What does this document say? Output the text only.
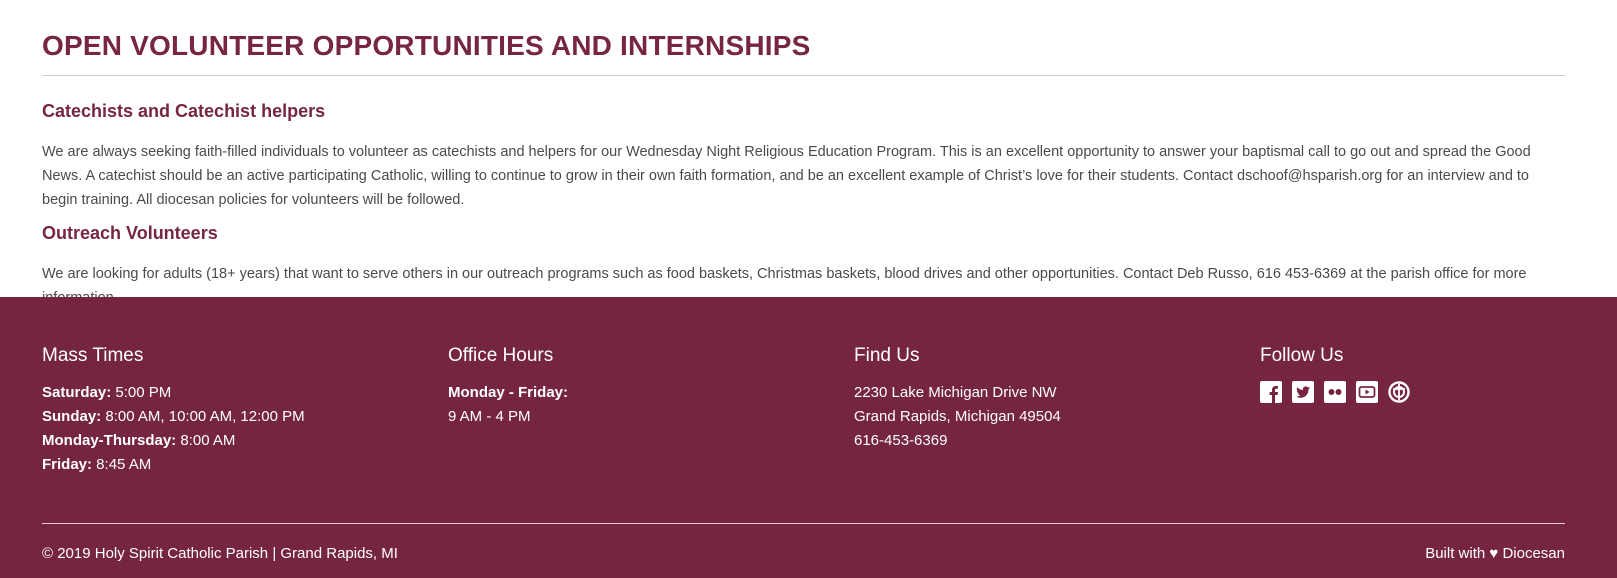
OPEN VOLUNTEER OPPORTUNITIES AND INTERNSHIPS
Catechists and Catechist helpers

We are always seeking faith-filled individuals to volunteer as catechists and helpers for our Wednesday Night Religious Education Program. This is an excellent opportunity to answer your baptismal call to go out and spread the Good News. A catechist should be an active participating Catholic, willing to continue to grow in their own faith formation, and be an excellent example of Christ’s love for their students. Contact dschoof@hsparish.org for an interview and to begin training. All diocesan policies for volunteers will be followed.

Outreach Volunteers

We are looking for adults (18+ years) that want to serve others in our outreach programs such as food baskets, Christmas baskets, blood drives and other opportunities. Contact Deb Russo, 616 453-6369 at the parish office for more

Mass Times

Saturday: 5:00 PM

Sunday: 8:00 AM, 10:00 AM, 12:00 PM

Monday-Thursday: 8:00 AM

Friday: 8:45 AM

Office Hours

Monday - Friday:

9 AM - 4 PM

Find Us

2230 Lake Michigan Drive NW

Grand Rapids, Michigan 49504

616-453-6369

Follow Us
© 2019 Holy Spirit Catholic Parish | Grand Rapids, MI	Built with ♥ Diocesan
